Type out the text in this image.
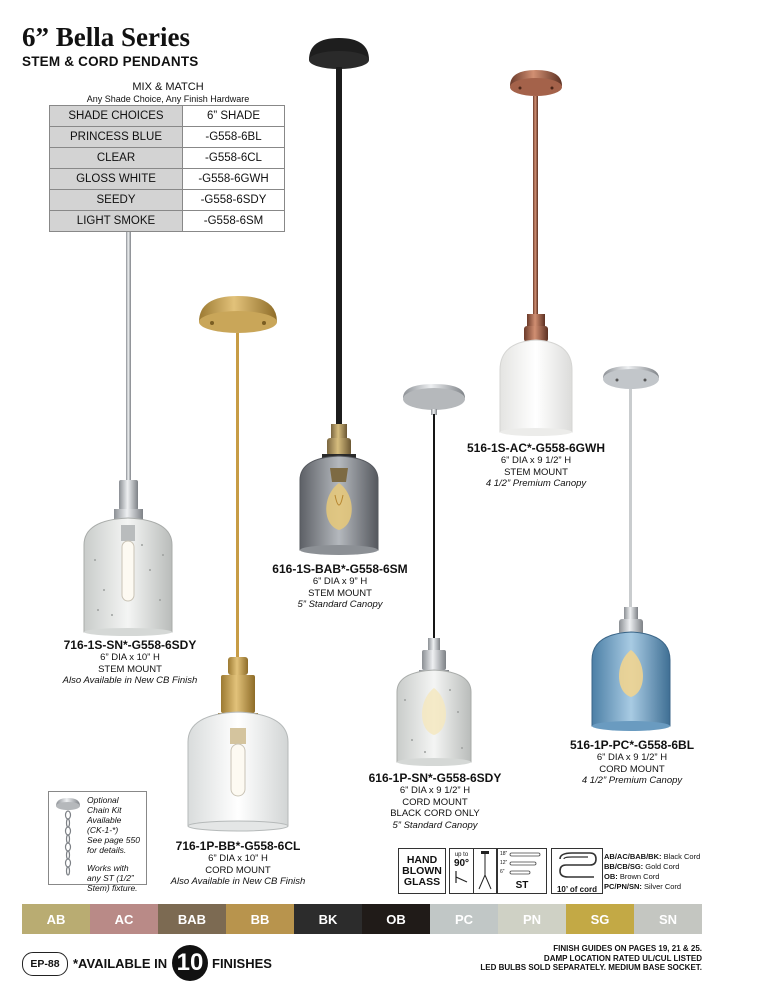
6” Bella Series
STEM & CORD PENDANTS
MIX & MATCH
Any Shade Choice, Any Finish Hardware
SHADE CHOICES	6” SHADE
PRINCESS BLUE	-G558-6BL
CLEAR	-G558-6CL
GLOSS WHITE	-G558-6GWH
SEEDY	-G558-6SDY
LIGHT SMOKE	-G558-6SM
716-1S-SN*-G558-6SDY
6” DIA x 10” H
STEM MOUNT
Also Available in New CB Finish
716-1P-BB*-G558-6CL
6” DIA x 10” H
CORD MOUNT
Also Available in New CB Finish
616-1S-BAB*-G558-6SM
6” DIA x 9” H
STEM MOUNT
5” Standard Canopy
616-1P-SN*-G558-6SDY
6” DIA x 9 1/2” H
CORD MOUNT
BLACK CORD ONLY
5” Standard Canopy
516-1S-AC*-G558-6GWH
6” DIA x 9 1/2” H
STEM MOUNT
4 1/2” Premium Canopy
516-1P-PC*-G558-6BL
6” DIA x 9 1/2” H
CORD MOUNT
4 1/2” Premium Canopy
Optional
Chain Kit
Available
(CK-1-*)
See page 550
for details.
Works with
any ST (1/2”
Stem) fixture.
HAND
BLOWN
GLASS
up to
90°
18”
12”
6”
ST	10’ of cord
AB/AC/BAB/BK: Black Cord
BB/CB/SG: Gold Cord
OB: Brown Cord
PC/PN/SN: Silver Cord
AB	AC	BAB	BB	BK	OB	PC	PN	SG	SN
EP-88	*AVAILABLE IN 10 FINISHES
FINISH GUIDES ON PAGES 19, 21 & 25.
DAMP LOCATION RATED UL/CUL LISTED
LED BULBS SOLD SEPARATELY. MEDIUM BASE SOCKET.
